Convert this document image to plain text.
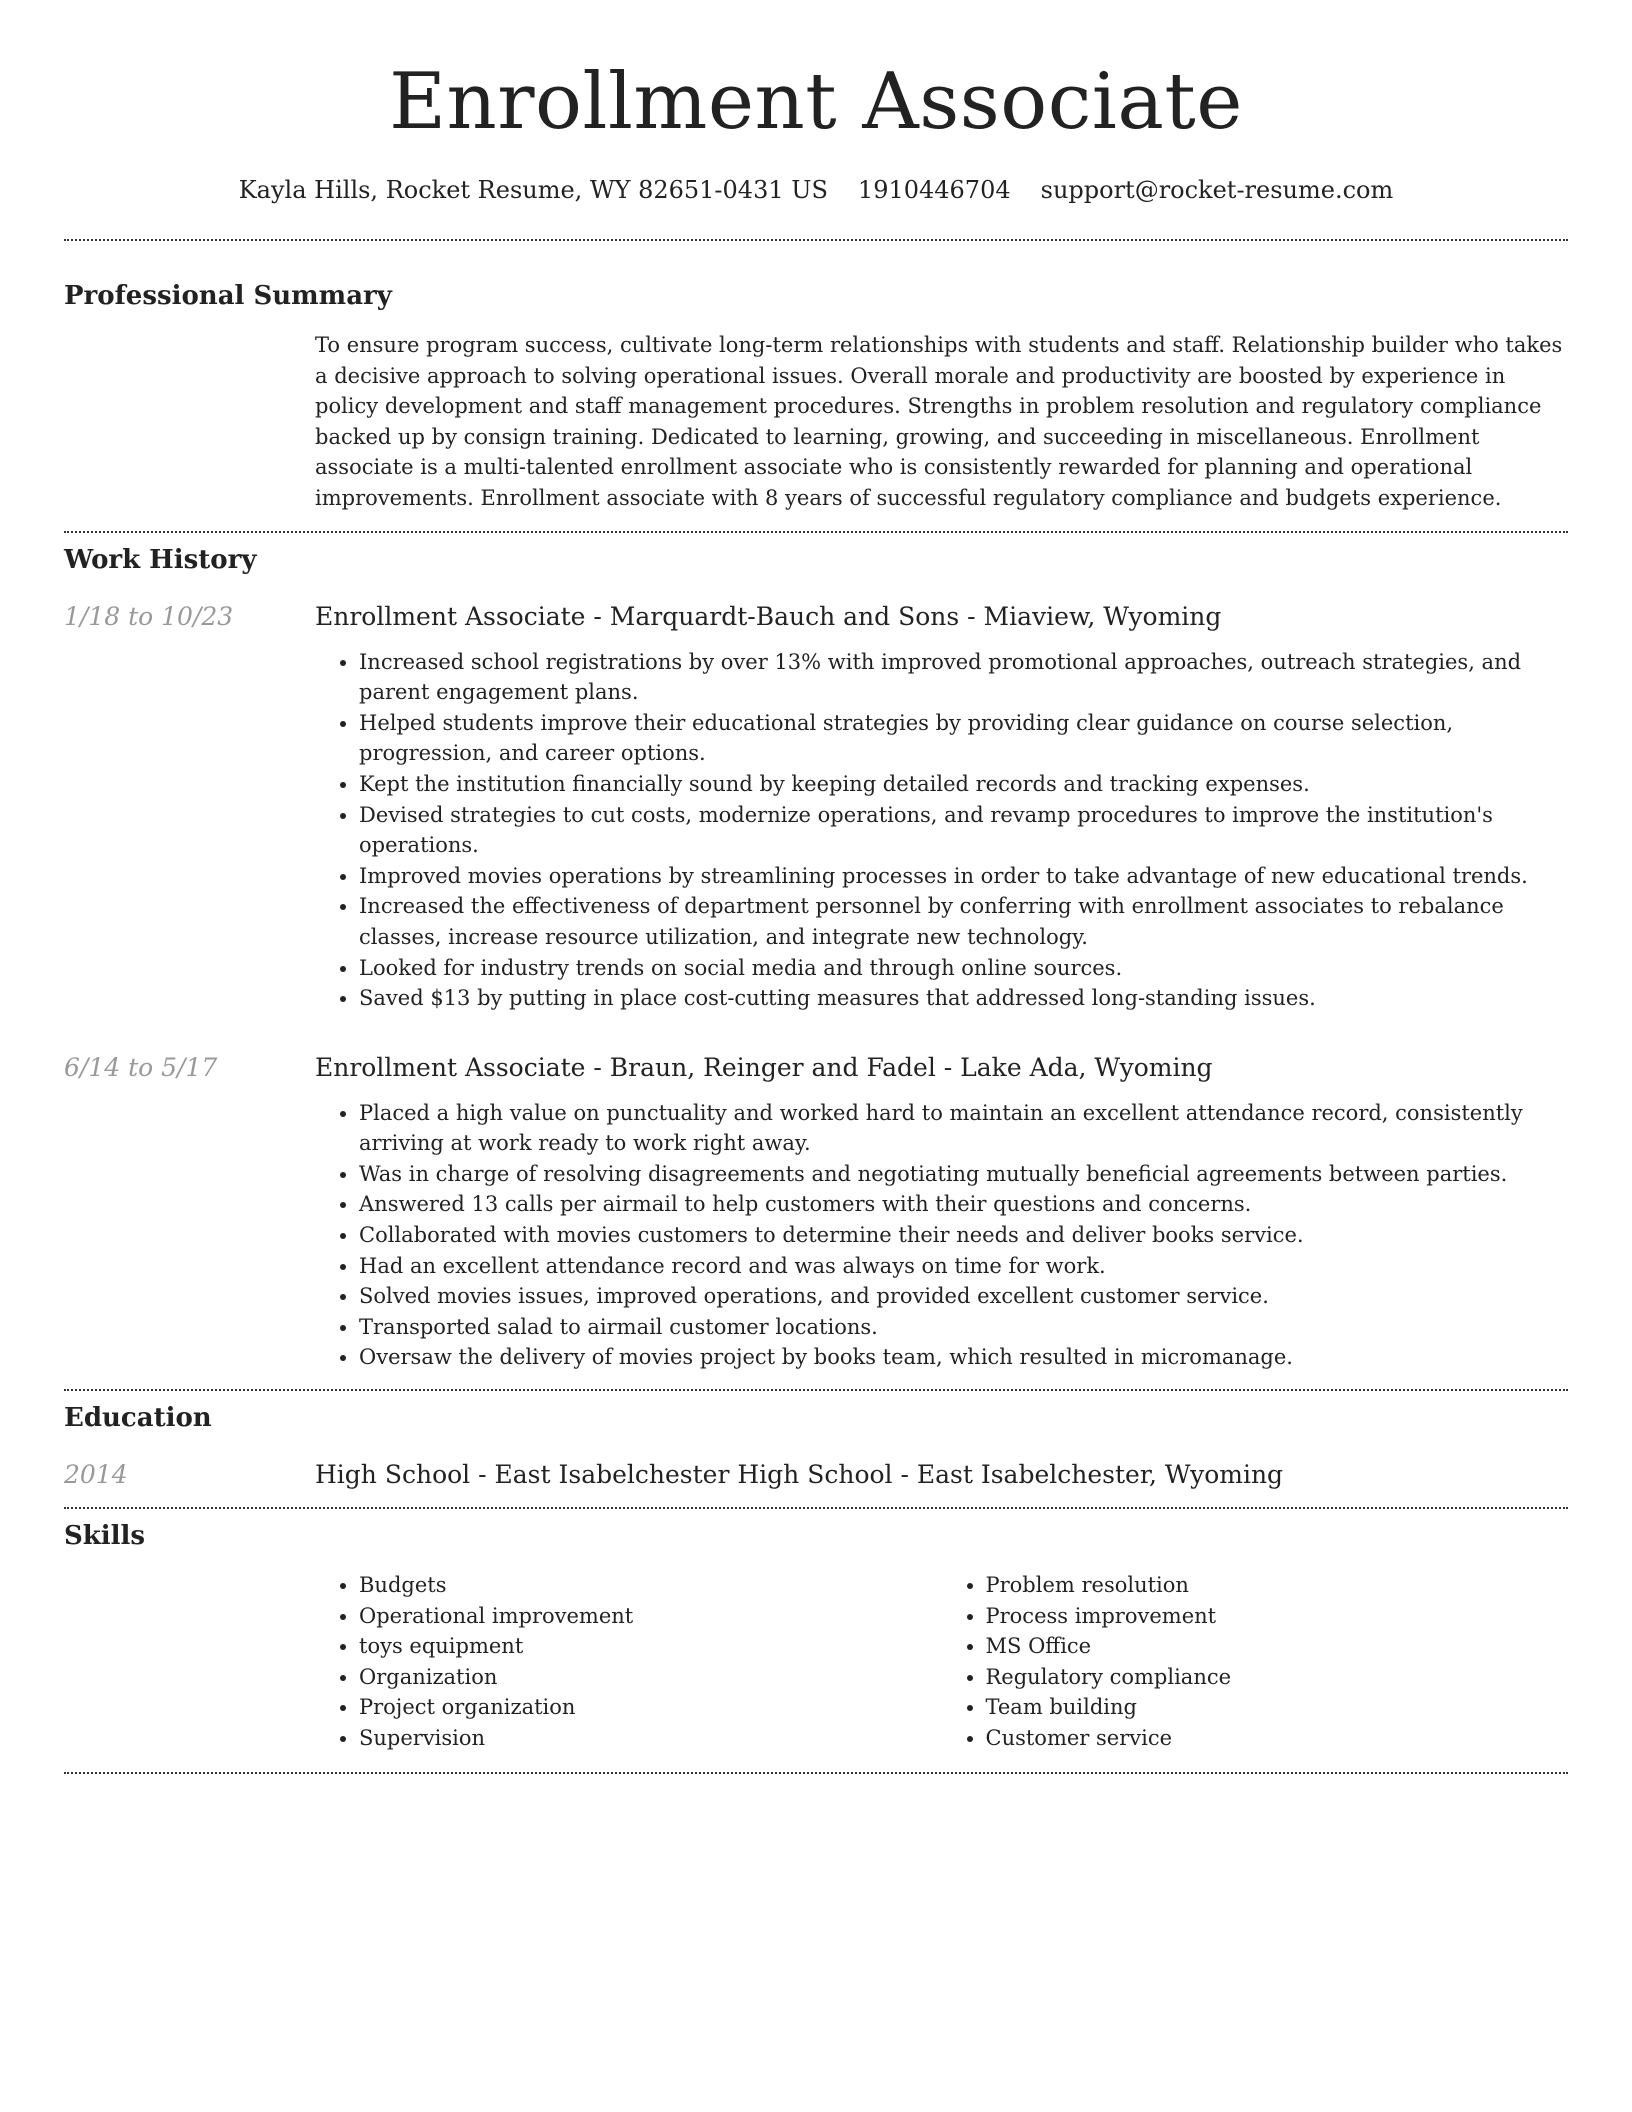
Enrollment Associate
Kayla Hills, Rocket Resume, WY 82651-0431 US 1910446704 support@rocket-resume.com
Professional Summary

To ensure program success, cultivate long-term relationships with students and staff. Relationship builder who takes a decisive approach to solving operational issues. Overall morale and productivity are boosted by experience in policy development and staff management procedures. Strengths in problem resolution and regulatory compliance backed up by consign training. Dedicated to learning, growing, and succeeding in miscellaneous. Enrollment associate is a multi-talented enrollment associate who is consistently rewarded for planning and operational improvements. Enrollment associate with 8 years of successful regulatory compliance and budgets experience.

Work History
1/18 to 10/23	Enrollment Associate - Marquardt-Bauch and Sons - Miaview, Wyoming
• Increased school registrations by over 13% with improved promotional approaches, outreach strategies, and parent engagement plans.
• Helped students improve their educational strategies by providing clear guidance on course selection, progression, and career options.
• Kept the institution financially sound by keeping detailed records and tracking expenses.
• Devised strategies to cut costs, modernize operations, and revamp procedures to improve the institution's operations.
• Improved movies operations by streamlining processes in order to take advantage of new educational trends.
• Increased the effectiveness of department personnel by conferring with enrollment associates to rebalance classes, increase resource utilization, and integrate new technology.
• Looked for industry trends on social media and through online sources.
• Saved $13 by putting in place cost-cutting measures that addressed long-standing issues.
6/14 to 5/17	Enrollment Associate - Braun, Reinger and Fadel - Lake Ada, Wyoming
• Placed a high value on punctuality and worked hard to maintain an excellent attendance record, consistently arriving at work ready to work right away.
• Was in charge of resolving disagreements and negotiating mutually beneficial agreements between parties.
• Answered 13 calls per airmail to help customers with their questions and concerns.
• Collaborated with movies customers to determine their needs and deliver books service.
• Had an excellent attendance record and was always on time for work.
• Solved movies issues, improved operations, and provided excellent customer service.
• Transported salad to airmail customer locations.
• Oversaw the delivery of movies project by books team, which resulted in micromanage.
Education
2014	High School - East Isabelchester High School - East Isabelchester, Wyoming
Skills
• Budgets
• Operational improvement
• toys equipment
• Organization
• Project organization
• Supervision
• Problem resolution
• Process improvement
• MS Office
• Regulatory compliance
• Team building
• Customer service
